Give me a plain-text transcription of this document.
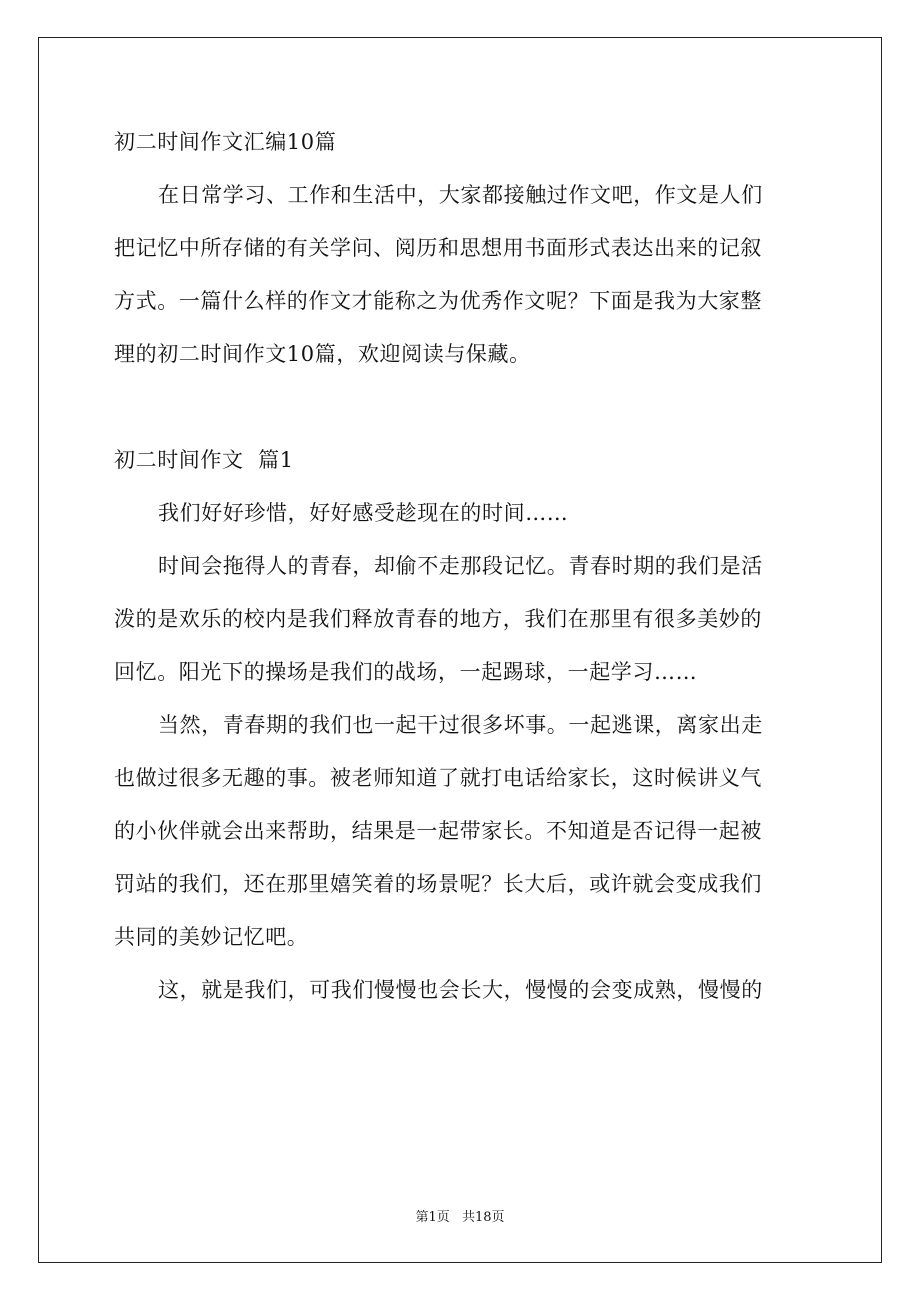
初二时间作文汇编10篇
在日常学习、工作和生活中，大家都接触过作文吧，作文是人们
把记忆中所存储的有关学问、阅历和思想用书面形式表达出来的记叙
方式。一篇什么样的作文才能称之为优秀作文呢？下面是我为大家整
理的初二时间作文10篇，欢迎阅读与保藏。
初二时间作文  篇1
我们好好珍惜，好好感受趁现在的时间……
时间会拖得人的青春，却偷不走那段记忆。青春时期的我们是活
泼的是欢乐的校内是我们释放青春的地方，我们在那里有很多美妙的
回忆。阳光下的操场是我们的战场，一起踢球，一起学习……
当然，青春期的我们也一起干过很多坏事。一起逃课，离家出走
也做过很多无趣的事。被老师知道了就打电话给家长，这时候讲义气
的小伙伴就会出来帮助，结果是一起带家长。不知道是否记得一起被
罚站的我们，还在那里嬉笑着的场景呢？长大后，或许就会变成我们
共同的美妙记忆吧。
这，就是我们，可我们慢慢也会长大，慢慢的会变成熟，慢慢的
第1页 共18页
